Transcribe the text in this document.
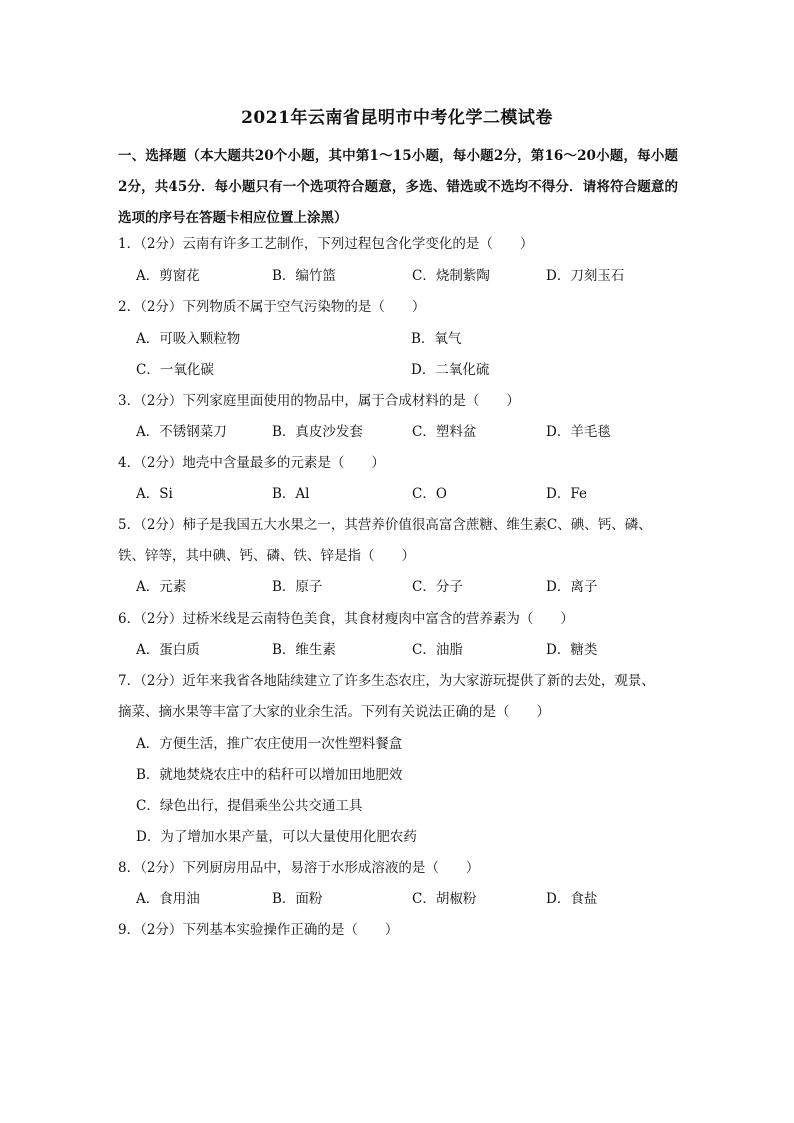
2021年云南省昆明市中考化学二模试卷
一、选择题（本大题共20个小题，其中第1～15小题，每小题2分，第16～20小题，每小题2分，共45分．每小题只有一个选项符合题意，多选、错选或不选均不得分．请将符合题意的选项的序号在答题卡相应位置上涂黑）
1．（2分）云南有许多工艺制作，下列过程包含化学变化的是（　　）
A．剪窗花	B．编竹篮	C．烧制紫陶	D．刀刻玉石
2．（2分）下列物质不属于空气污染物的是（　　）
A．可吸入颗粒物	B．氧气
C．一氧化碳	D．二氧化硫
3．（2分）下列家庭里面使用的物品中，属于合成材料的是（　　）
A．不锈钢菜刀	B．真皮沙发套	C．塑料盆	D．羊毛毯
4．（2分）地壳中含量最多的元素是（　　）
A．Si	B．Al	C．O	D．Fe
5．（2分）柿子是我国五大水果之一，其营养价值很高富含蔗糖、维生素C、碘、钙、磷、
铁、锌等，其中碘、钙、磷、铁、锌是指（　　）
A．元素	B．原子	C．分子	D．离子
6．（2分）过桥米线是云南特色美食，其食材瘦肉中富含的营养素为（　　）
A．蛋白质	B．维生素	C．油脂	D．糖类
7．（2分）近年来我省各地陆续建立了许多生态农庄，为大家游玩提供了新的去处，观景、
摘菜、摘水果等丰富了大家的业余生活。下列有关说法正确的是（　　）
A．方便生活，推广农庄使用一次性塑料餐盒
B．就地焚烧农庄中的秸秆可以增加田地肥效
C．绿色出行，提倡乘坐公共交通工具
D．为了增加水果产量，可以大量使用化肥农药
8．（2分）下列厨房用品中，易溶于水形成溶液的是（　　）
A．食用油	B．面粉	C．胡椒粉	D．食盐
9．（2分）下列基本实验操作正确的是（　　）
